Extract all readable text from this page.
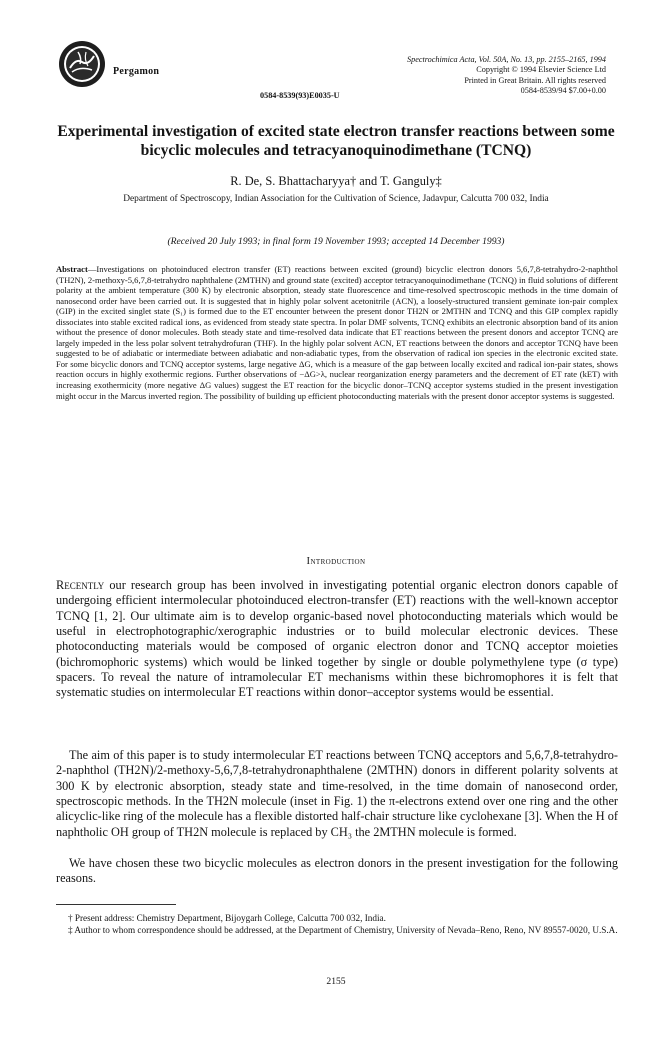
Pergamon
0584-8539(93)E0035-U
Spectrochimica Acta, Vol. 50A, No. 13, pp. 2155–2165, 1994
Copyright © 1994 Elsevier Science Ltd
Printed in Great Britain. All rights reserved
0584-8539/94 $7.00+0.00
Experimental investigation of excited state electron transfer reactions between some bicyclic molecules and tetracyanoquinodimethane (TCNQ)
R. De, S. Bhattacharyya† and T. Ganguly‡
Department of Spectroscopy, Indian Association for the Cultivation of Science, Jadavpur, Calcutta 700 032, India
(Received 20 July 1993; in final form 19 November 1993; accepted 14 December 1993)
Abstract—Investigations on photoinduced electron transfer (ET) reactions between excited (ground) bicyclic electron donors 5,6,7,8-tetrahydro-2-naphthol (TH2N), 2-methoxy-5,6,7,8-tetrahydro naphthalene (2MTHN) and ground state (excited) acceptor tetracyanoquinodimethane (TCNQ) in fluid solutions of different polarity at the ambient temperature (300 K) by electronic absorption, steady state fluorescence and time-resolved spectroscopic methods in the time domain of nanosecond order have been carried out. It is suggested that in highly polar solvent acetonitrile (ACN), a loosely-structured transient geminate ion-pair complex (GIP) in the excited singlet state (S₁) is formed due to the ET encounter between the present donor TH2N or 2MTHN and TCNQ and this GIP complex rapidly dissociates into stable excited radical ions, as evidenced from steady state spectra. In polar DMF solvents, TCNQ exhibits an electronic absorption band of its anion without the presence of donor molecules. Both steady state and time-resolved data indicate that ET reactions between the present donors and acceptor TCNQ are largely impeded in the less polar solvent tetrahydrofuran (THF). In the highly polar solvent ACN, ET reactions between the donors and acceptor TCNQ have been suggested to be of adiabatic or intermediate between adiabatic and non-adiabatic types, from the observation of radical ion species in the electronic excited state. For some bicyclic donors and TCNQ acceptor systems, large negative ΔG, which is a measure of the gap between locally excited and radical ion-pair states, shows reaction occurs in highly exothermic regions. Further observations of −ΔG>λ, nuclear reorganization energy parameters and the decrement of ET rate (kET) with increasing exothermicity (more negative ΔG values) suggest the ET reaction for the bicyclic donor–TCNQ acceptor systems studied in the present investigation might occur in the Marcus inverted region. The possibility of building up efficient photoconducting materials with the present donor acceptor systems is suggested.
Introduction
Recently our research group has been involved in investigating potential organic electron donors capable of undergoing efficient intermolecular photoinduced electron-transfer (ET) reactions with the well-known acceptor TCNQ [1, 2]. Our ultimate aim is to develop organic-based novel photoconducting materials which would be useful in electrophotographic/xerographic industries or to build molecular electronic devices. These photoconducting materials would be composed of organic electron donor and TCNQ acceptor moieties (bichromophoric systems) which would be linked together by single or double polymethylene type (σ type) spacers. To reveal the nature of intramolecular ET mechanisms within these bichromophores it is felt that systematic studies on intermolecular ET reactions within donor–acceptor systems would be essential.
The aim of this paper is to study intermolecular ET reactions between TCNQ acceptors and 5,6,7,8-tetrahydro-2-naphthol (TH2N)/2-methoxy-5,6,7,8-tetrahydronaphthalene (2MTHN) donors in different polarity solvents at 300 K by electronic absorption, steady state and time-resolved, in the time domain of nanosecond order, spectroscopic methods. In the TH2N molecule (inset in Fig. 1) the π-electrons extend over one ring and the other alicyclic-like ring of the molecule has a flexible distorted half-chair structure like cyclohexane [3]. When the H of naphtholic OH group of TH2N molecule is replaced by CH₃ the 2MTHN molecule is formed.
We have chosen these two bicyclic molecules as electron donors in the present investigation for the following reasons.
† Present address: Chemistry Department, Bijoygarh College, Calcutta 700 032, India.
‡ Author to whom correspondence should be addressed, at the Department of Chemistry, University of Nevada–Reno, Reno, NV 89557-0020, U.S.A.
2155
